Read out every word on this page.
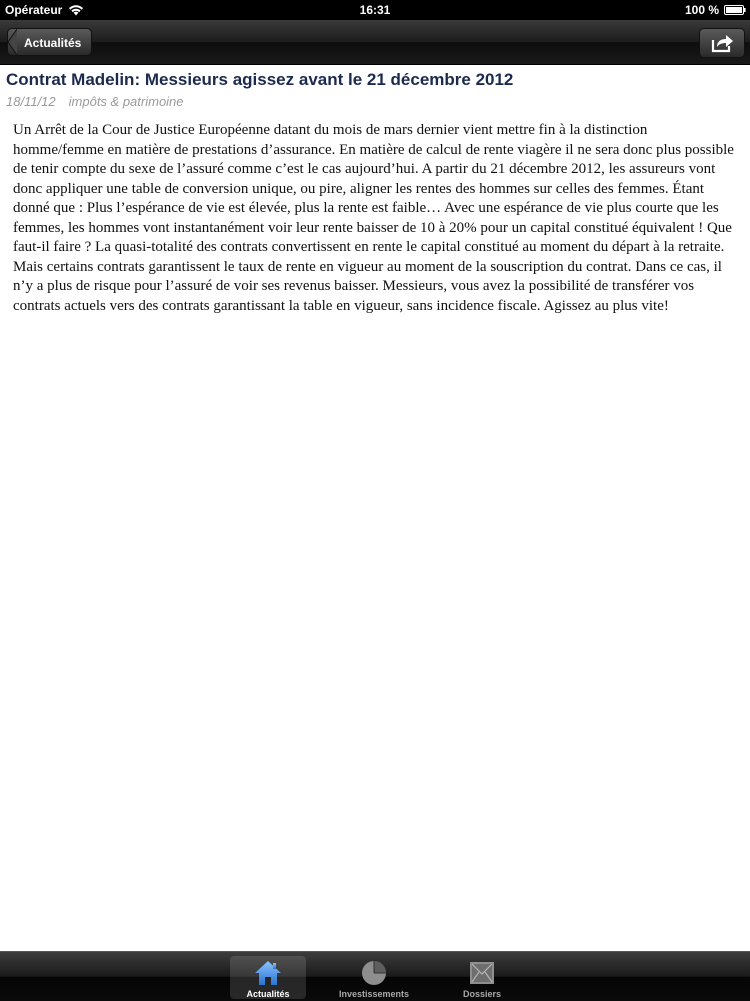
Opérateur	16:31	100 %
Actualités
Contrat Madelin: Messieurs agissez avant le 21 décembre 2012
18/11/12 impôts & patrimoine

Un Arrêt de la Cour de Justice Européenne datant du mois de mars dernier vient mettre fin à la distinction homme/femme en matière de prestations d’assurance. En matière de calcul de rente viagère il ne sera donc plus possible de tenir compte du sexe de l’assuré comme c’est le cas aujourd’hui. A partir du 21 décembre 2012, les assureurs vont donc appliquer une table de conversion unique, ou pire, aligner les rentes des hommes sur celles des femmes. Étant donné que : Plus l’espérance de vie est élevée, plus la rente est faible… Avec une espérance de vie plus courte que les femmes, les hommes vont instantanément voir leur rente baisser de 10 à 20% pour un capital constitué équivalent ! Que faut-il faire ? La quasi-totalité des contrats convertissent en rente le capital constitué au moment du départ à la retraite. Mais certains contrats garantissent le taux de rente en vigueur au moment de la souscription du contrat. Dans ce cas, il n’y a plus de risque pour l’assuré de voir ses revenus baisser. Messieurs, vous avez la possibilité de transférer vos contrats actuels vers des contrats garantissant la table en vigueur, sans incidence fiscale. Agissez au plus vite!

Actualités	Investissements	Dossiers
